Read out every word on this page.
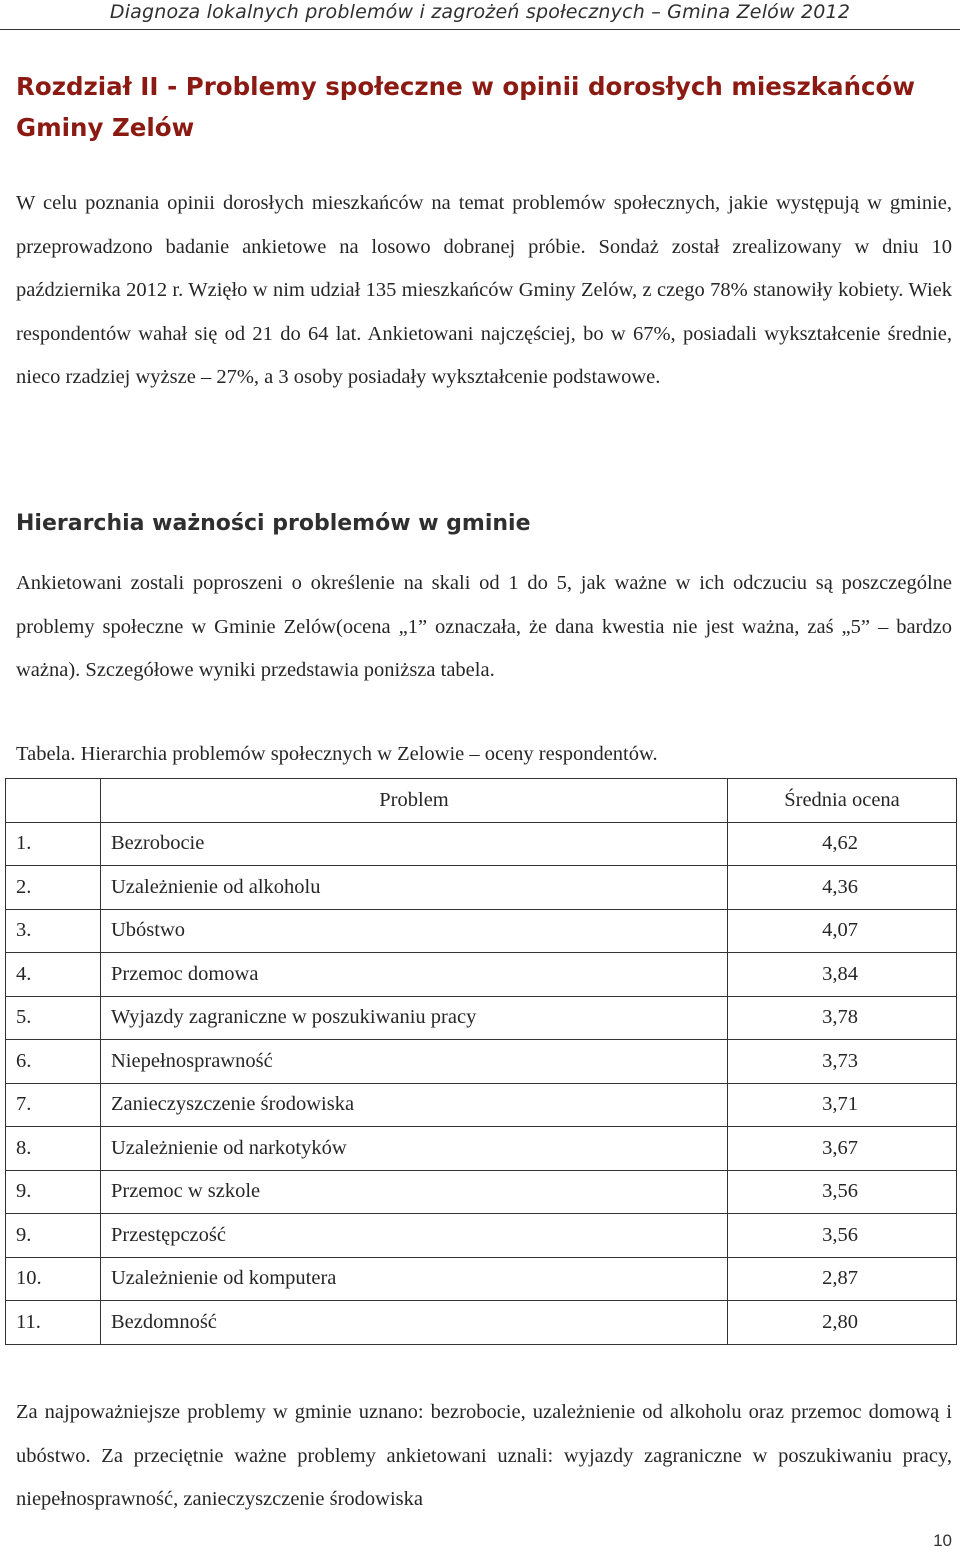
Diagnoza lokalnych problemów i zagrożeń społecznych – Gmina Zelów 2012
Rozdział II - Problemy społeczne w opinii dorosłych mieszkańców Gminy Zelów

W celu poznania opinii dorosłych mieszkańców na temat problemów społecznych, jakie występują w gminie, przeprowadzono badanie ankietowe na losowo dobranej próbie. Sondaż został zrealizowany w dniu 10 października 2012 r. Wzięło w nim udział 135 mieszkańców Gminy Zelów, z czego 78% stanowiły kobiety. Wiek respondentów wahał się od 21 do 64 lat. Ankietowani najczęściej, bo w 67%, posiadali wykształcenie średnie, nieco rzadziej wyższe – 27%, a 3 osoby posiadały wykształcenie podstawowe.

Hierarchia ważności problemów w gminie

Ankietowani zostali poproszeni o określenie na skali od 1 do 5, jak ważne w ich odczuciu są poszczególne problemy społeczne w Gminie Zelów(ocena „1” oznaczała, że dana kwestia nie jest ważna, zaś „5” – bardzo ważna). Szczegółowe wyniki przedstawia poniższa tabela.

Tabela. Hierarchia problemów społecznych w Zelowie – oceny respondentów.

	Problem	Średnia ocena
1.	Bezrobocie	4,62
2.	Uzależnienie od alkoholu	4,36
3.	Ubóstwo	4,07
4.	Przemoc domowa	3,84
5.	Wyjazdy zagraniczne w poszukiwaniu pracy	3,78
6.	Niepełnosprawność	3,73
7.	Zanieczyszczenie środowiska	3,71
8.	Uzależnienie od narkotyków	3,67
9.	Przemoc w szkole	3,56
9.	Przestępczość	3,56
10.	Uzależnienie od komputera	2,87
11.	Bezdomność	2,80

Za najpoważniejsze problemy w gminie uznano: bezrobocie, uzależnienie od alkoholu oraz przemoc domową i ubóstwo. Za przeciętnie ważne problemy ankietowani uznali: wyjazdy zagraniczne w poszukiwaniu pracy, niepełnosprawność, zanieczyszczenie środowiska

10
